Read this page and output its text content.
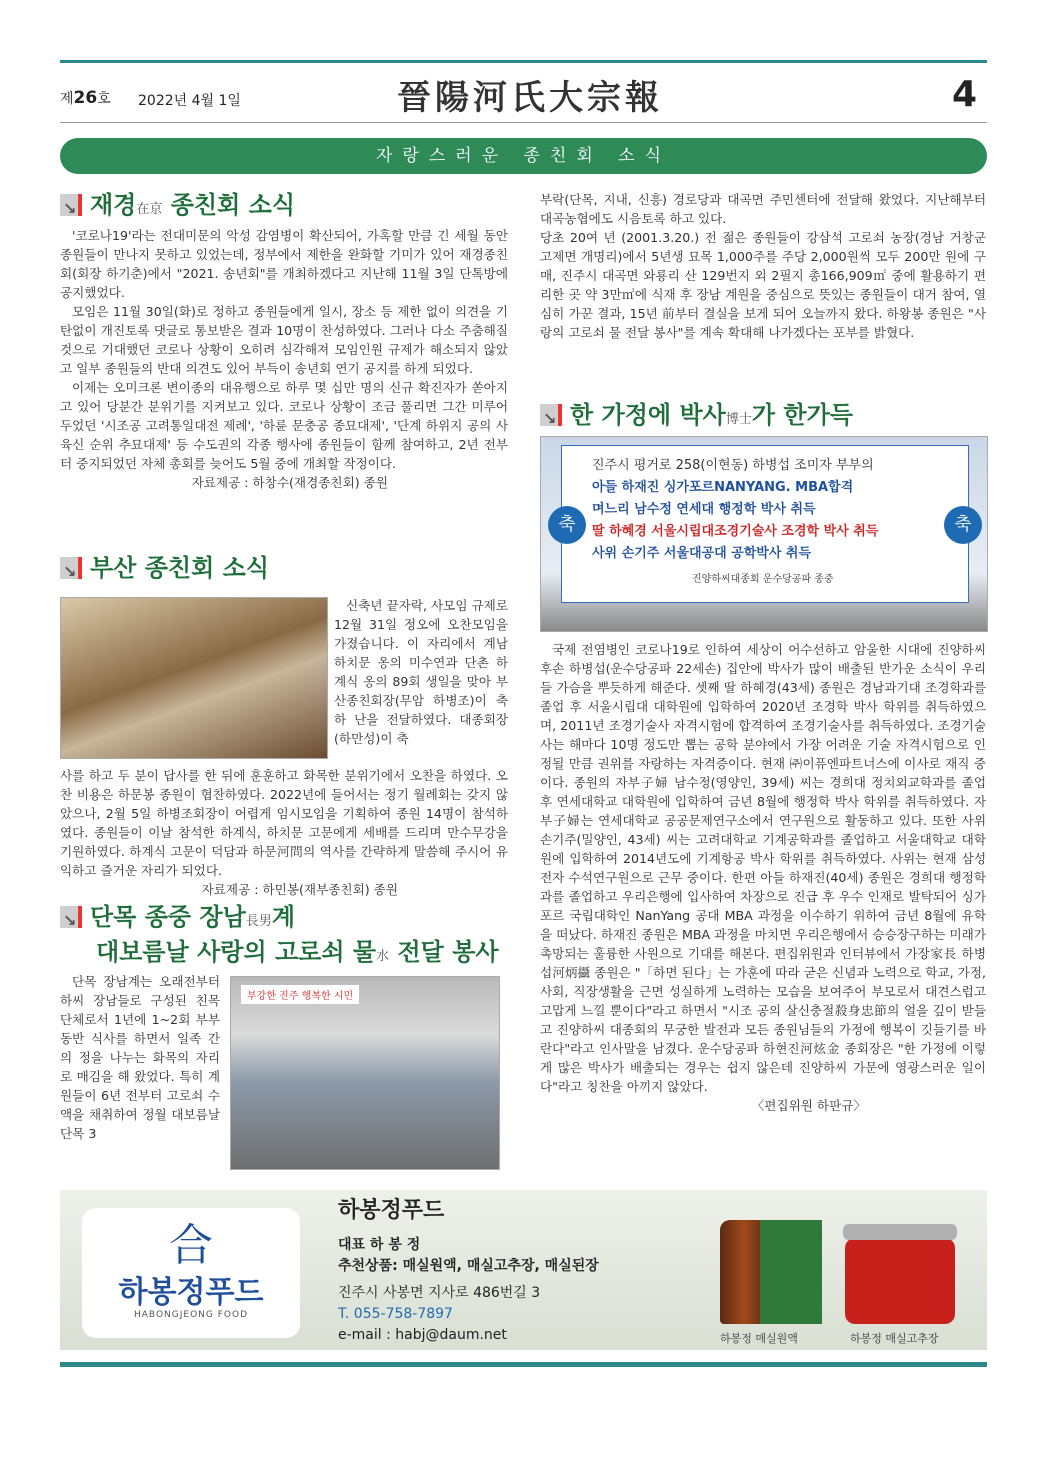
제26호 2022년 4월 1일	晉陽河氏大宗報	4
자랑스러운 종친회 소식
↘ 재경在京 종친회 소식

'코로나19'라는 전대미문의 악성 감염병이 확산되어, 가혹할 만큼 긴 세월 동안 종원들이 만나지 못하고 있었는데, 정부에서 제한을 완화할 기미가 있어 재경종친회(회장 하기춘)에서 "2021. 송년회"를 개최하겠다고 지난해 11월 3일 단톡방에 공지했었다.

모임은 11월 30일(화)로 정하고 종원들에게 일시, 장소 등 제한 없이 의견을 기탄없이 개진토록 댓글로 통보받은 결과 10명이 찬성하였다. 그러나 다소 주춤해질 것으로 기대했던 코로나 상황이 오히려 심각해져 모임인원 규제가 해소되지 않았고 일부 종원들의 반대 의견도 있어 부득이 송년회 연기 공지를 하게 되었다.

이제는 오미크론 변이종의 대유행으로 하루 몇 십만 명의 신규 확진자가 쏟아지고 있어 당분간 분위기를 지켜보고 있다. 코로나 상황이 조금 풀리면 그간 미루어 두었던 '시조공 고려통일대전 제례', '하륜 문충공 종묘대제', '단계 하위지 공의 사육신 순위 추묘대제' 등 수도권의 각종 행사에 종원들이 함께 참여하고, 2년 전부터 중지되었던 자체 총회를 늦어도 5월 중에 개최할 작정이다.

자료제공 : 하창수(재경종친회) 종원

↘ 부산 종친회 소식

신축년 끝자락, 사모임 규제로 12월 31일 정오에 오찬모임을 가졌습니다. 이 자리에서 계남 하치문 옹의 미수연과 단촌 하계식 옹의 89회 생일을 맞아 부산종친회장(무암 하병조)이 축하 난을 전달하였다. 대종회장(하만성)이 축

사를 하고 두 분이 답사를 한 뒤에 훈훈하고 화목한 분위기에서 오찬을 하였다. 오찬 비용은 하문봉 종원이 협찬하였다. 2022년에 들어서는 정기 월례회는 갖지 않았으나, 2월 5일 하병조회장이 어렵게 임시모임을 기획하여 종원 14명이 참석하였다. 종원들이 이날 참석한 하계식, 하치문 고문에게 세배를 드리며 만수무강을 기원하였다. 하계식 고문이 덕담과 하문河問의 역사를 간략하게 말씀해 주시어 유익하고 즐거운 자리가 되었다.

자료제공 : 하민봉(재부종친회) 종원

↘ 단목 종중 장남長男계
대보름날 사랑의 고로쇠 물水 전달 봉사

단목 장남계는 오래전부터 하씨 장남들로 구성된 친목 단체로서 1년에 1~2회 부부 동반 식사를 하면서 일족 간의 정을 나누는 화목의 자리로 매김을 해 왔었다. 특히 계원들이 6년 전부터 고로쇠 수액을 채취하여 정월 대보름날 단목 3

부강한 진주 행복한 시민

부락(단목, 지내, 신흥) 경로당과 대곡면 주민센터에 전달해 왔었다. 지난해부터 대곡농협에도 시음토록 하고 있다.

당초 20여 년 (2001.3.20.) 전 젊은 종원들이 강삼석 고로쇠 농장(경남 거창군 고제면 개명리)에서 5년생 묘목 1,000주를 주당 2,000원씩 모두 200만 원에 구매, 진주시 대곡면 와룡리 산 129번지 외 2필지 총166,909㎡ 중에 활용하기 편리한 곳 약 3만㎡에 식재 후 장남 계원을 중심으로 뜻있는 종원들이 대거 참여, 열심히 가꾼 결과, 15년 前부터 결실을 보게 되어 오늘까지 왔다. 하왕봉 종원은 "사랑의 고로쇠 물 전달 봉사"를 계속 확대해 나가겠다는 포부를 밝혔다.

↘ 한 가정에 박사博士가 한가득
축	축
진주시 평거로 258(이현동) 하병섭 조미자 부부의
아들 하재진 싱가포르NANYANG. MBA합격
며느리 남수정 연세대 행정학 박사 취득
딸 하혜경 서울시립대조경기술사 조경학 박사 취득
사위 손기주 서울대공대 공학박사 취득
진양하씨대종회 운수당공파 종중

국제 전염병인 코로나19로 인하여 세상이 어수선하고 암울한 시대에 진양하씨 후손 하병섭(운수당공파 22세손) 집안에 박사가 많이 배출된 반가운 소식이 우리들 가슴을 뿌듯하게 해준다. 셋째 딸 하혜경(43세) 종원은 경남과기대 조경학과를 졸업 후 서울시립대 대학원에 입학하여 2020년 조경학 박사 학위를 취득하였으며, 2011년 조경기술사 자격시험에 합격하여 조경기술사를 취득하였다. 조경기술사는 해마다 10명 정도만 뽑는 공학 분야에서 가장 어려운 기술 자격시험으로 인정될 만큼 권위를 자랑하는 자격증이다. 현재 ㈜이퓨엔파트너스에 이사로 재직 중이다. 종원의 자부子婦 남수정(영양인, 39세) 씨는 경희대 정치외교학과를 졸업 후 연세대학교 대학원에 입학하여 금년 8월에 행정학 박사 학위를 취득하였다. 자부子婦는 연세대학교 공공문제연구소에서 연구원으로 활동하고 있다. 또한 사위 손기주(밀양인, 43세) 씨는 고려대학교 기계공학과를 졸업하고 서울대학교 대학원에 입학하여 2014년도에 기계항공 박사 학위를 취득하였다. 사위는 현재 삼성전자 수석연구원으로 근무 중이다. 한편 아들 하재진(40세) 종원은 경희대 행정학과를 졸업하고 우리은행에 입사하여 차장으로 진급 후 우수 인재로 발탁되어 싱가포르 국립대학인 NanYang 공대 MBA 과정을 이수하기 위하여 금년 8월에 유학을 떠났다. 하재진 종원은 MBA 과정을 마치면 우리은행에서 승승장구하는 미래가 촉망되는 훌륭한 사원으로 기대를 해본다. 편집위원과 인터뷰에서 가장家長 하병섭河炳攝 종원은 "「하면 된다」는 가훈에 따라 굳은 신념과 노력으로 학교, 가정, 사회, 직장생활을 근면 성실하게 노력하는 모습을 보여주어 부모로서 대견스럽고 고맙게 느낄 뿐이다"라고 하면서 "시조 공의 살신충절殺身忠節의 얼을 깊이 받들고 진양하씨 대종회의 무궁한 발전과 모든 종원님들의 가정에 행복이 깃들기를 바란다"라고 인사말을 남겼다. 운수당공파 하현진河炫金 종회장은 "한 가정에 이렇게 많은 박사가 배출되는 경우는 쉽지 않은데 진양하씨 가문에 영광스러운 일이다"라고 칭찬을 아끼지 않았다.

〈편집위원 하판규〉

合
하봉정푸드
HABONGJEONG FOOD
하봉정푸드
대표 하 봉 정
추천상품: 매실원액, 매실고추장, 매실된장
진주시 사봉면 지사로 486번길 3
T. 055-758-7897
e-mail : habj@daum.net	하봉정 매실원액	하봉정 매실고추장
